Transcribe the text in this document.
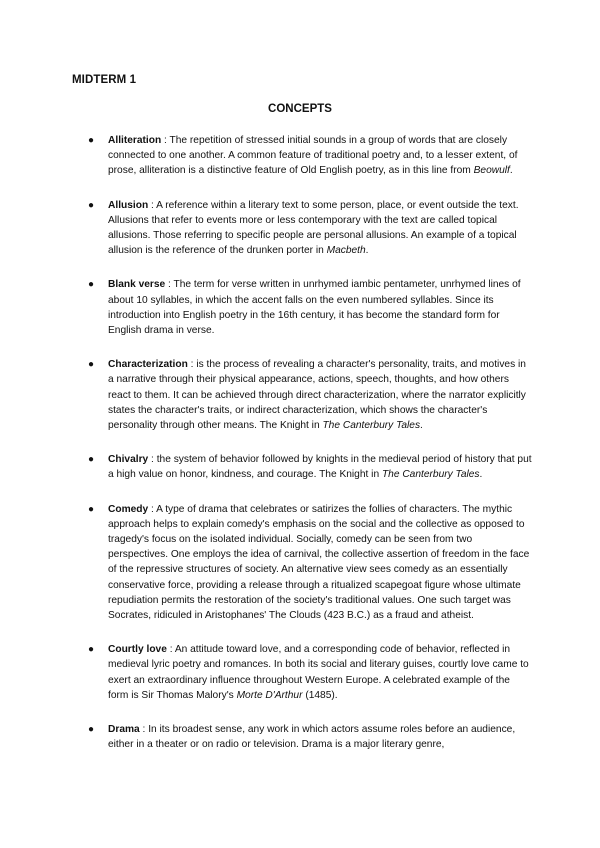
MIDTERM 1
CONCEPTS
● Alliteration : The repetition of stressed initial sounds in a group of words that are closely connected to one another. A common feature of traditional poetry and, to a lesser extent, of prose, alliteration is a distinctive feature of Old English poetry, as in this line from Beowulf.
● Allusion : A reference within a literary text to some person, place, or event outside the text. Allusions that refer to events more or less contemporary with the text are called topical allusions. Those referring to specific people are personal allusions. An example of a topical allusion is the reference of the drunken porter in Macbeth.
● Blank verse : The term for verse written in unrhymed iambic pentameter, unrhymed lines of about 10 syllables, in which the accent falls on the even numbered syllables. Since its introduction into English poetry in the 16th century, it has become the standard form for English drama in verse.
● Characterization : is the process of revealing a character's personality, traits, and motives in a narrative through their physical appearance, actions, speech, thoughts, and how others react to them. It can be achieved through direct characterization, where the narrator explicitly states the character's traits, or indirect characterization, which shows the character's personality through other means. The Knight in The Canterbury Tales.
● Chivalry : the system of behavior followed by knights in the medieval period of history that put a high value on honor, kindness, and courage. The Knight in The Canterbury Tales.
● Comedy : A type of drama that celebrates or satirizes the follies of characters. The mythic approach helps to explain comedy's emphasis on the social and the collective as opposed to tragedy's focus on the isolated individual. Socially, comedy can be seen from two perspectives. One employs the idea of carnival, the collective assertion of freedom in the face of the repressive structures of society. An alternative view sees comedy as an essentially conservative force, providing a release through a ritualized scapegoat figure whose ultimate repudiation permits the restoration of the society's traditional values. One such target was Socrates, ridiculed in Aristophanes' The Clouds (423 B.C.) as a fraud and atheist.
● Courtly love : An attitude toward love, and a corresponding code of behavior, reflected in medieval lyric poetry and romances. In both its social and literary guises, courtly love came to exert an extraordinary influence throughout Western Europe. A celebrated example of the form is Sir Thomas Malory's Morte D'Arthur (1485).
● Drama : In its broadest sense, any work in which actors assume roles before an audience, either in a theater or on radio or television. Drama is a major literary genre,
